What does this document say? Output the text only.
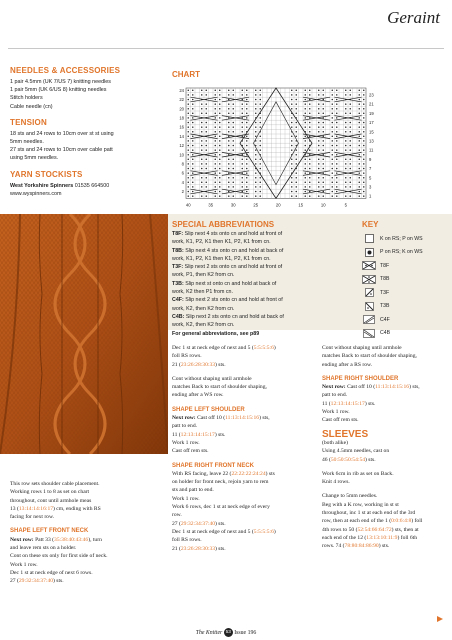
Geraint
NEEDLES & ACCESSORIES
1 pair 4.5mm (UK 7/US 7) knitting needles
1 pair 5mm (UK 6/US 8) knitting needles
Stitch holders
Cable needle (cn)
TENSION
18 sts and 24 rows to 10cm over st st using
5mm needles.
27 sts and 24 rows to 10cm over cable patt
using 5mm needles.
YARN STOCKISTS
West Yorkshire Spinners 01535 664500
www.wyspinners.com
CHART
24
22
20
18
16
14
12
10
8
6
4
2
23
21
19
17
15
13
11
9
7
5
3
1
40	35	30	25	20	15	10	5
SPECIAL ABBREVIATIONS
T8F: Slip next 4 sts onto cn and hold at front of
work, K1, P2, K1 then K1, P2, K1 from cn.
T8B: Slip next 4 sts onto cn and hold at back of
work, K1, P2, K1 then K1, P2, K1 from cn.
T3F: Slip next 2 sts onto cn and hold at front of
work, P1, then K2 from cn.
T3B: Slip next st onto cn and hold at back of
work, K2 then P1 from cn.
C4F: Slip next 2 sts onto cn and hold at front of
work, K2, then K2 from cn.
C4B: Slip next 2 sts onto cn and hold at back of
work, K2, then K2 from cn.
For general abbreviations, see p89
KEY
K on RS; P on WS
P on RS; K on WS
T8F
T8B
T3F
T3B
C4F
C4B
This row sets shoulder cable placement.
Working rows 1 to 8 as set on chart
throughout, cont until armhole meas
13 (13:14:14:16:17) cm, ending with RS
facing for next row.
SHAPE LEFT FRONT NECK
Next row: Patt 33 (35:38:40:43:46), turn
and leave rem sts on a holder.
Cont on these sts only for first side of neck.
Work 1 row.
Dec 1 st at neck edge of next 6 rows.
27 (29:32:34:37:40) sts.
Dec 1 st at neck edge of next and 5 (5:5:5:5:6)
foll RS rows.
21 (23:26:28:30:33) sts.
Cont without shaping until armhole
matches Back to start of shoulder shaping,
ending after a WS row.
SHAPE LEFT SHOULDER
Next row: Cast off 10 (11:13:14:15:16) sts,
patt to end.
11 (12:13:14:15:17) sts.
Work 1 row.
Cast off rem sts.
SHAPE RIGHT FRONT NECK
With RS facing, leave 22 (22:22:22:24:24) sts
on holder for front neck, rejoin yarn to rem
sts and patt to end.
Work 1 row.
Work 6 rows, dec 1 st at neck edge of every
row.
27 (29:32:34:37:40) sts.
Dec 1 st at neck edge of next and 5 (5:5:5:5:6)
foll RS rows.
21 (23:26:28:30:33) sts.
Cont without shaping until armhole
matches Back to start of shoulder shaping,
ending after a RS row.
SHAPE RIGHT SHOULDER
Next row: Cast off 10 (11:13:14:15:16) sts,
patt to end.
11 (12:13:14:15:17) sts.
Work 1 row.
Cast off rem sts.
SLEEVES
(both alike)
Using 4.5mm needles, cast on
46 (50:50:50:54:54) sts.
Work 6cm in rib as set on Back.
Knit 4 rows.
Change to 5mm needles.
Beg with a K row, working in st st
throughout, inc 1 st at each end of the 3rd
row, then at each end of the 1 (0:0:6:4:8) foll
4th rows to 50 (52:54:66:64:72) sts, then at
each end of the 12 (13:13:10:11:9) foll 6th
rows. 74 (78:80:84:86:90) sts.
The Knitter 53 Issue 196
